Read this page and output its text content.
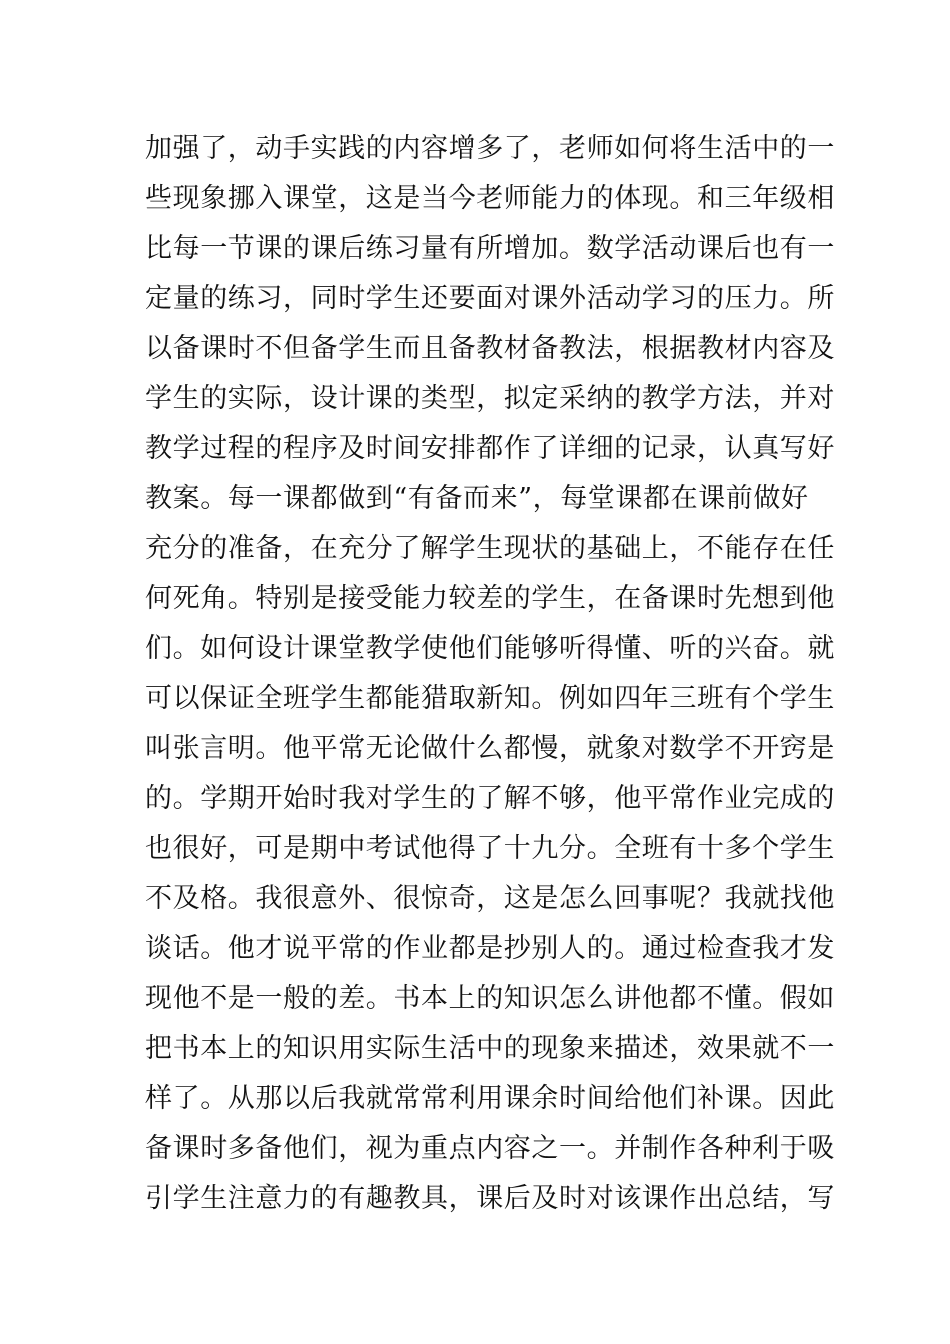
加强了，动手实践的内容增多了，老师如何将生活中的一
些现象挪入课堂，这是当今老师能力的体现。和三年级相
比每一节课的课后练习量有所增加。数学活动课后也有一
定量的练习，同时学生还要面对课外活动学习的压力。所
以备课时不但备学生而且备教材备教法，根据教材内容及
学生的实际，设计课的类型，拟定采纳的教学方法，并对
教学过程的程序及时间安排都作了详细的记录，认真写好
教案。每一课都做到“有备而来”，每堂课都在课前做好
充分的准备，在充分了解学生现状的基础上，不能存在任
何死角。特别是接受能力较差的学生，在备课时先想到他
们。如何设计课堂教学使他们能够听得懂、听的兴奋。就
可以保证全班学生都能猎取新知。例如四年三班有个学生
叫张言明。他平常无论做什么都慢，就象对数学不开窍是
的。学期开始时我对学生的了解不够，他平常作业完成的
也很好，可是期中考试他得了十九分。全班有十多个学生
不及格。我很意外、很惊奇，这是怎么回事呢？我就找他
谈话。他才说平常的作业都是抄别人的。通过检查我才发
现他不是一般的差。书本上的知识怎么讲他都不懂。假如
把书本上的知识用实际生活中的现象来描述，效果就不一
样了。从那以后我就常常利用课余时间给他们补课。因此
备课时多备他们，视为重点内容之一。并制作各种利于吸
引学生注意力的有趣教具，课后及时对该课作出总结，写
